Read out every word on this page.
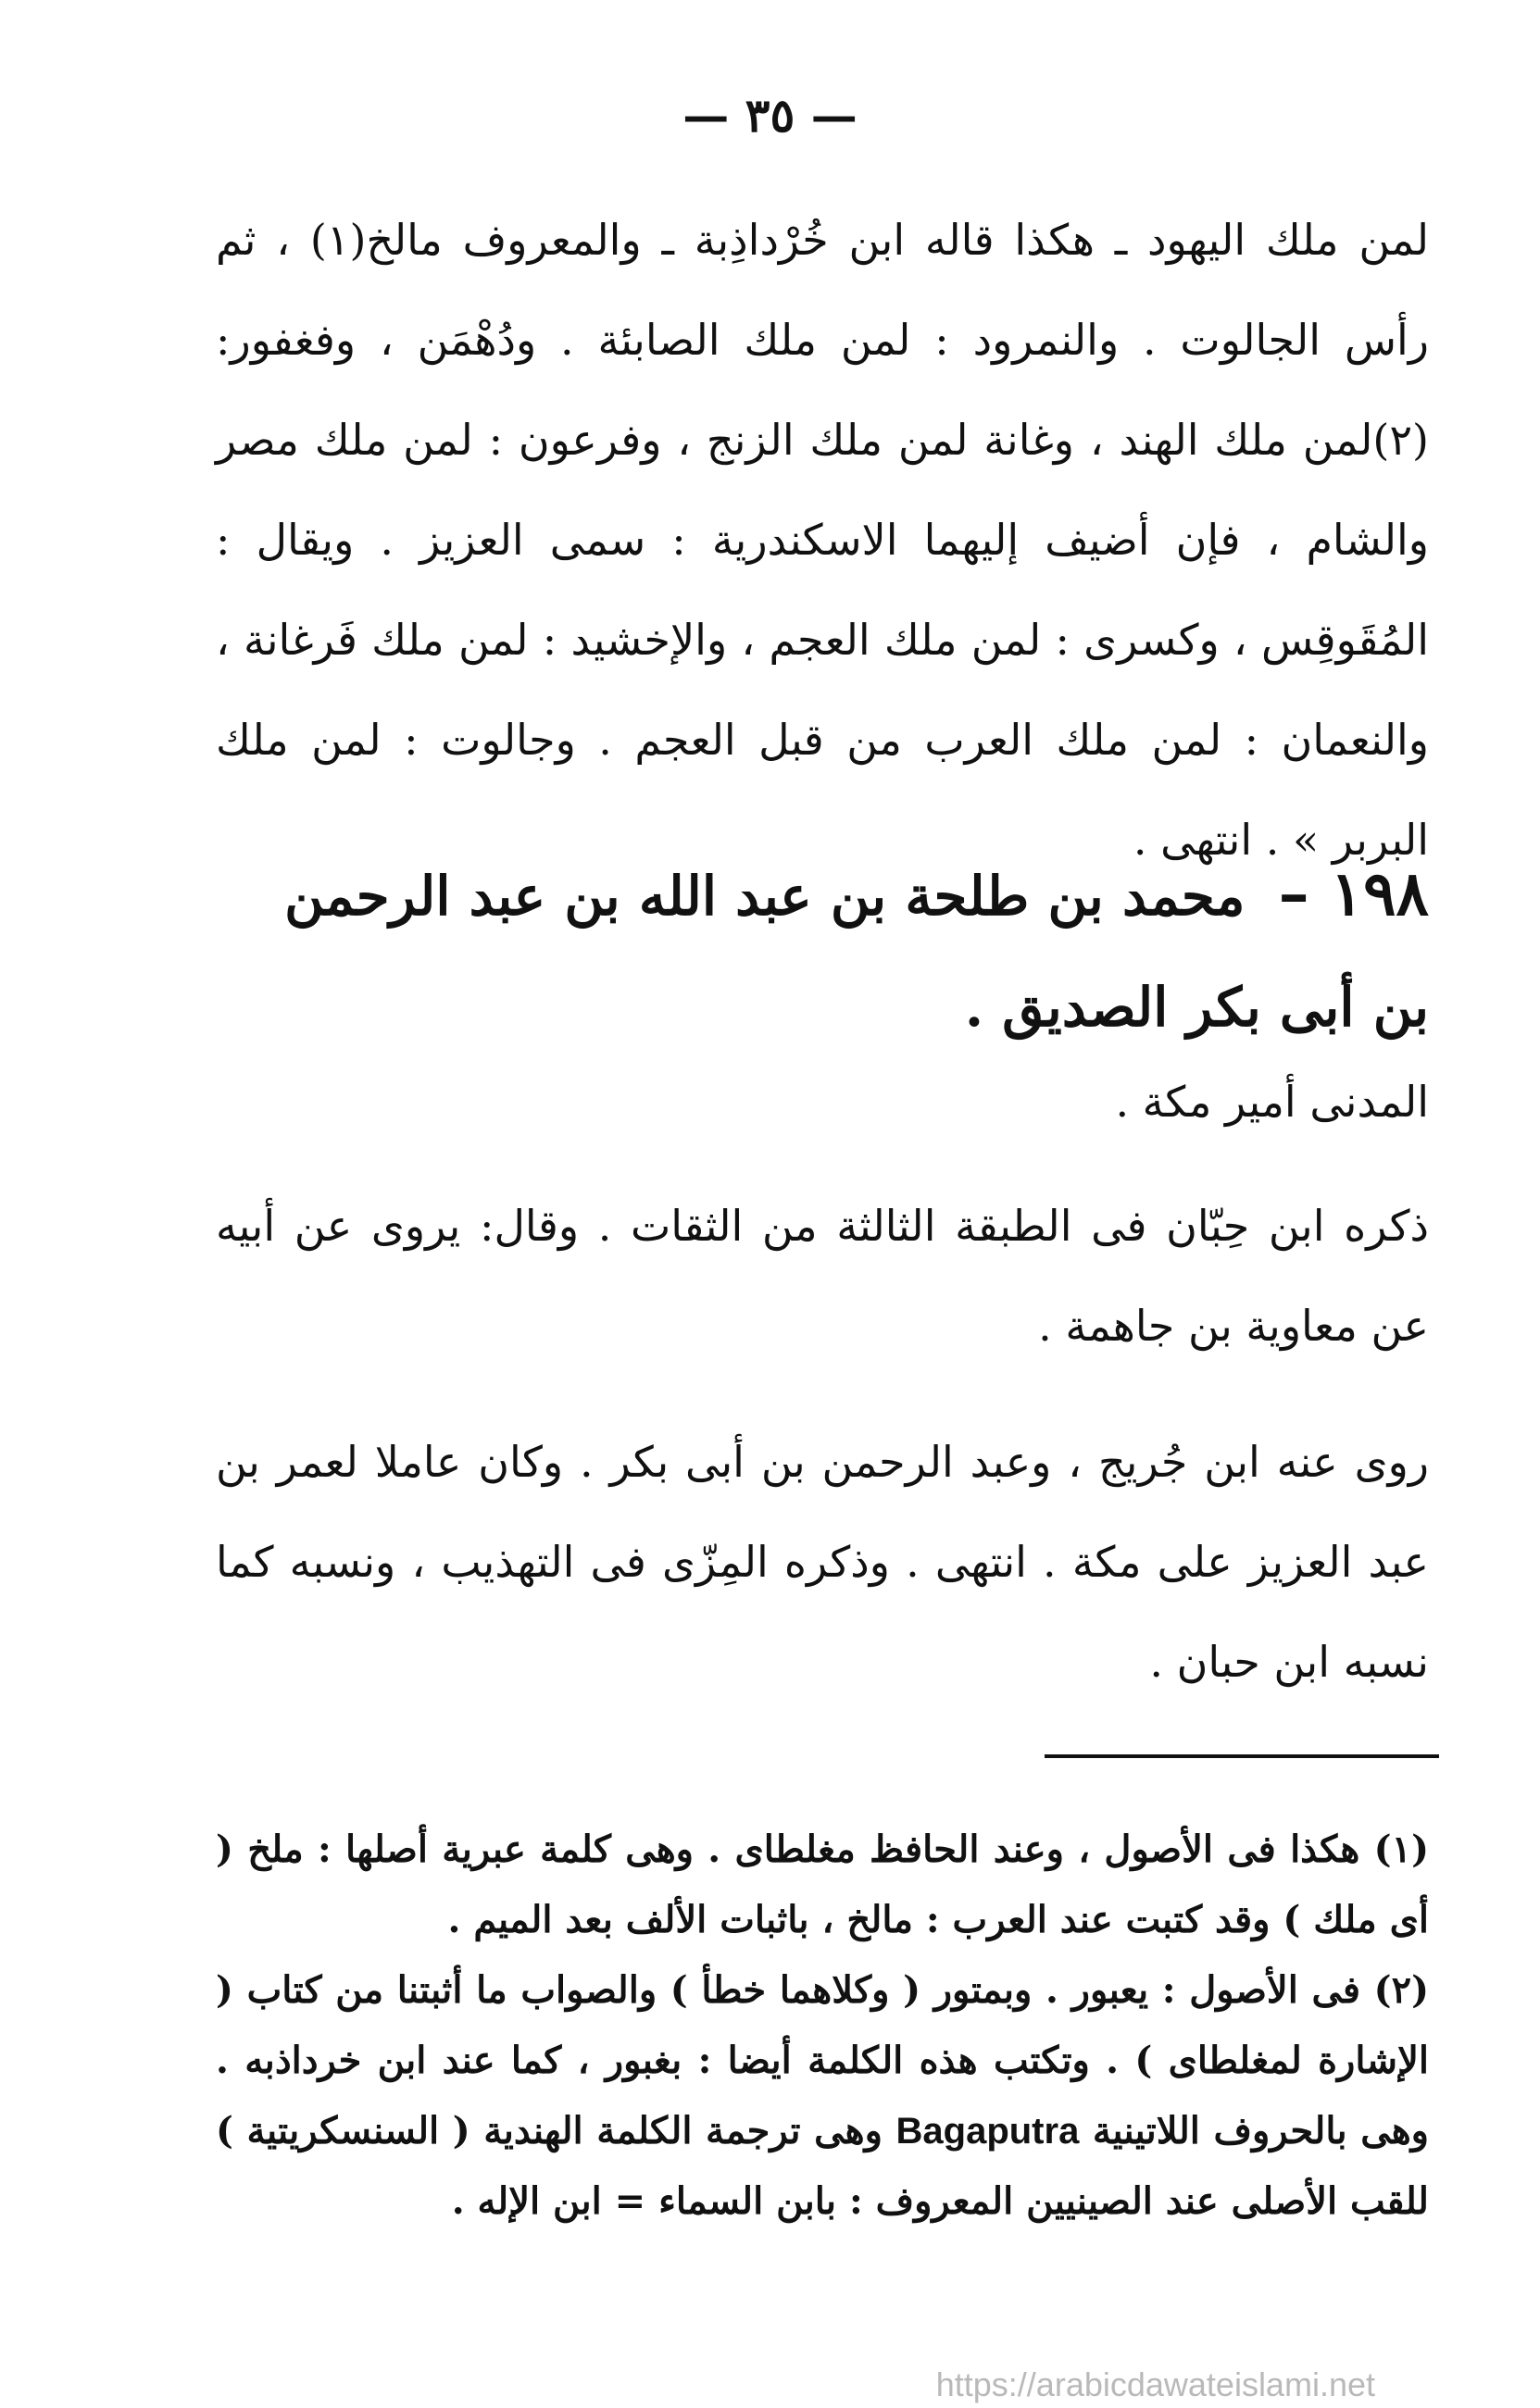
— ٣٥ —

لمن ملك اليهود ـ هكذا قاله ابن خُرْداذِبة ـ والمعروف مالخ(١) ، ثم رأس الجالوت . والنمرود : لمن ملك الصابئة . ودُهْمَن ، وفغفور:(٢)لمن ملك الهند ، وغانة لمن ملك الزنج ، وفرعون : لمن ملك مصر والشام ، فإن أضيف إليهما الاسكندرية : سمى العزيز . ويقال : المُقَوقِس ، وكسرى : لمن ملك العجم ، والإخشيد : لمن ملك فَرغانة ، والنعمان : لمن ملك العرب من قبل العجم . وجالوت : لمن ملك البربر » . انتهى .

١٩٨ – محمد بن طلحة بن عبد الله بن عبد الرحمن بن أبى بكر الصديق .

المدنى أمير مكة .

ذكره ابن حِبّان فى الطبقة الثالثة من الثقات . وقال: يروى عن أبيه عن معاوية بن جاهمة .

روى عنه ابن جُريج ، وعبد الرحمن بن أبى بكر . وكان عاملا لعمر بن عبد العزيز على مكة . انتهى . وذكره المِزّى فى التهذيب ، ونسبه كما نسبه ابن حبان .

(١) هكذا فى الأصول ، وعند الحافظ مغلطاى . وهى كلمة عبرية أصلها : ملخ ( أى ملك ) وقد كتبت عند العرب : مالخ ، باثبات الألف بعد الميم .

(٢) فى الأصول : يعبور . وبمتور ( وكلاهما خطأ ) والصواب ما أثبتنا من كتاب ( الإشارة لمغلطاى ) . وتكتب هذه الكلمة أيضا : بغبور ، كما عند ابن خرداذبه . وهى بالحروف اللاتينية Bagaputra وهى ترجمة الكلمة الهندية ( السنسكريتية ) للقب الأصلى عند الصينيين المعروف : بابن السماء = ابن الإله .

https://arabicdawateislami.net
